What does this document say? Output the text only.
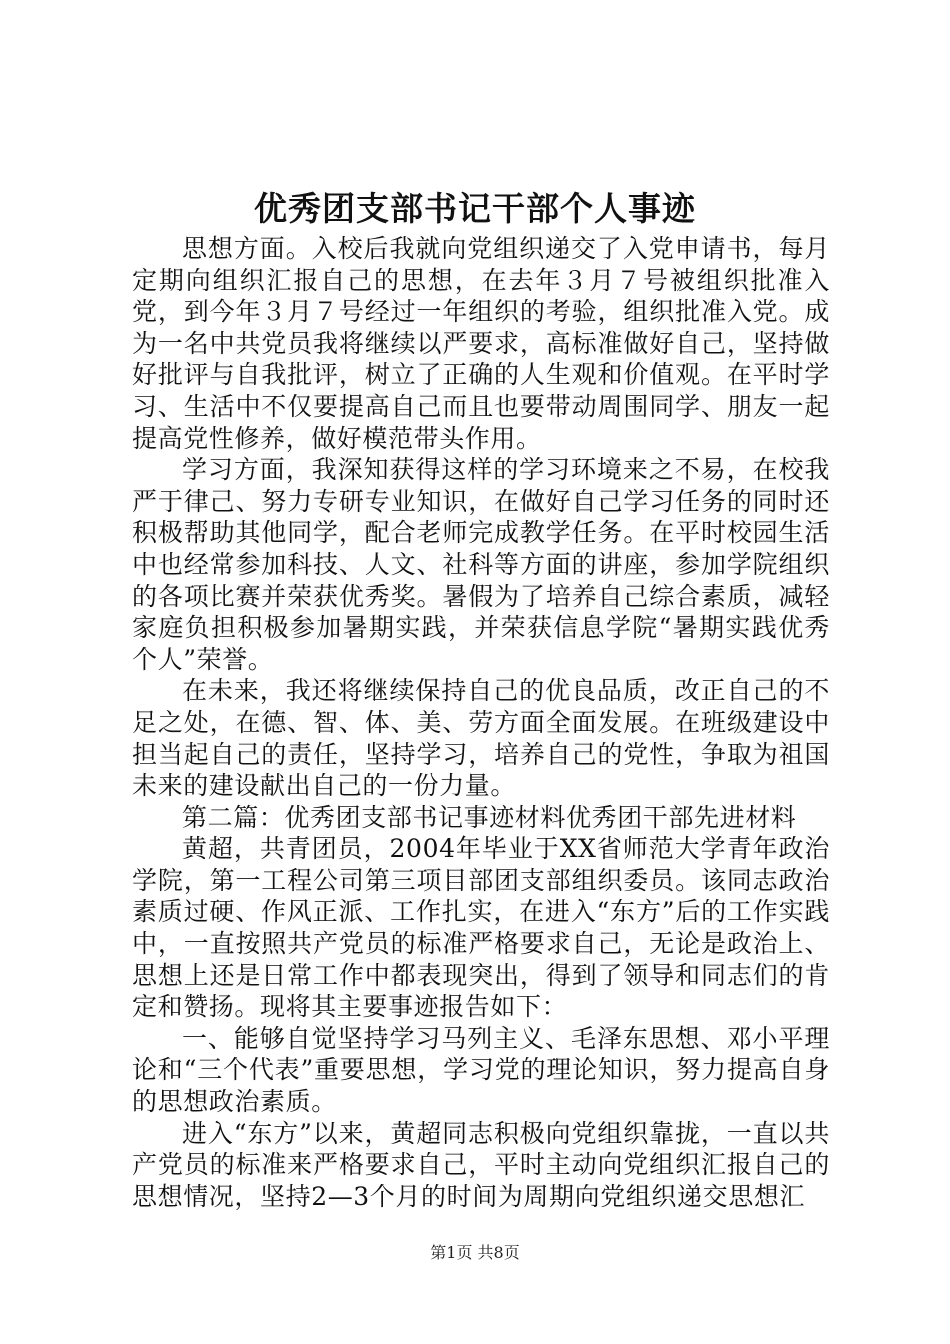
优秀团支部书记干部个人事迹

思想方面。入校后我就向党组织递交了入党申请书，每月定期向组织汇报自己的思想，在去年３月７号被组织批准入党，到今年３月７号经过一年组织的考验，组织批准入党。成为一名中共党员我将继续以严要求，高标准做好自己，坚持做好批评与自我批评，树立了正确的人生观和价值观。在平时学习、生活中不仅要提高自己而且也要带动周围同学、朋友一起提高党性修养，做好模范带头作用。

学习方面，我深知获得这样的学习环境来之不易，在校我严于律己、努力专研专业知识，在做好自己学习任务的同时还积极帮助其他同学，配合老师完成教学任务。在平时校园生活中也经常参加科技、人文、社科等方面的讲座，参加学院组织的各项比赛并荣获优秀奖。暑假为了培养自己综合素质，减轻家庭负担积极参加暑期实践，并荣获信息学院“暑期实践优秀个人”荣誉。

在未来，我还将继续保持自己的优良品质，改正自己的不足之处，在德、智、体、美、劳方面全面发展。在班级建设中担当起自己的责任，坚持学习，培养自己的党性，争取为祖国未来的建设献出自己的一份力量。

第二篇：优秀团支部书记事迹材料优秀团干部先进材料

黄超，共青团员，2004年毕业于XX省师范大学青年政治学院，第一工程公司第三项目部团支部组织委员。该同志政治素质过硬、作风正派、工作扎实，在进入“东方”后的工作实践中，一直按照共产党员的标准严格要求自己，无论是政治上、思想上还是日常工作中都表现突出，得到了领导和同志们的肯定和赞扬。现将其主要事迹报告如下：

一、能够自觉坚持学习马列主义、毛泽东思想、邓小平理论和“三个代表”重要思想，学习党的理论知识，努力提高自身的思想政治素质。

进入“东方”以来，黄超同志积极向党组织靠拢，一直以共产党员的标准来严格要求自己，平时主动向党组织汇报自己的思想情况，坚持2—3个月的时间为周期向党组织递交思想汇

第1页 共8页
